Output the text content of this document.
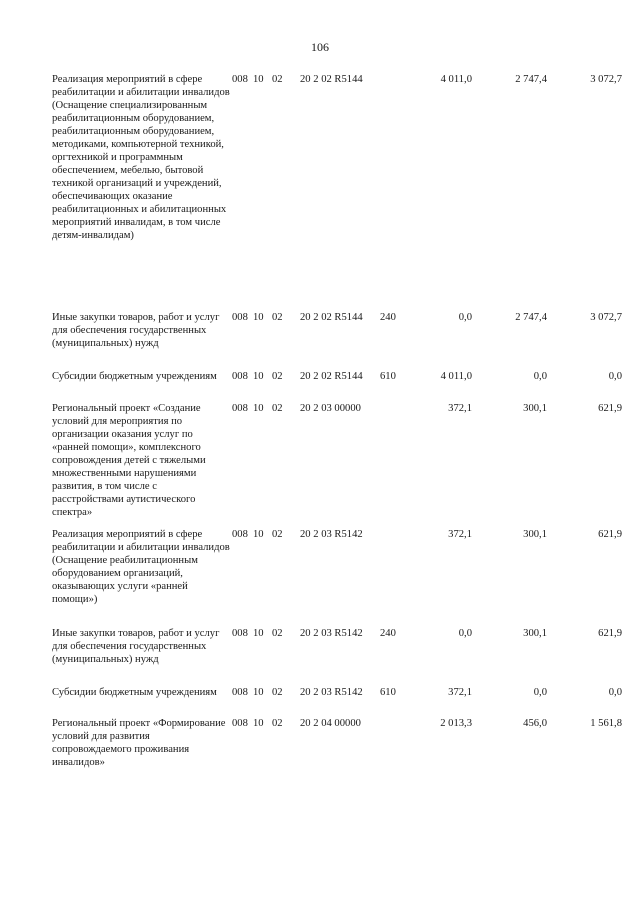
106
Реализация мероприятий в сфере реабилитации и абилитации инвалидов (Оснащение специализированным реабилитационным оборудованием, реабилитационным оборудованием, методиками, компьютерной техникой, оргтехникой и программным обеспечением, мебелью, бытовой техникой организаций и учреждений, обеспечивающих оказание реабилитационных и абилитационных мероприятий инвалидам, в том числе детям-инвалидам)
008 10 02 20 2 02 R5144	4 011,0	2 747,4	3 072,7
Иные закупки товаров, работ и услуг для обеспечения государственных (муниципальных) нужд
008 10 02 20 2 02 R5144 240	0,0	2 747,4	3 072,7
Субсидии бюджетным учреждениям	008 10 02 20 2 02 R5144 610	4 011,0	0,0	0,0
Региональный проект «Создание условий для мероприятия по организации оказания услуг по «ранней помощи», комплексного сопровождения детей с тяжелыми множественными нарушениями развития, в том числе с расстройствами аутистического спектра»
008 10 02 20 2 03 00000	372,1	300,1	621,9
Реализация мероприятий в сфере реабилитации и абилитации инвалидов (Оснащение реабилитационным оборудованием организаций, оказывающих услуги «ранней помощи»)
008 10 02 20 2 03 R5142	372,1	300,1	621,9
Иные закупки товаров, работ и услуг для обеспечения государственных (муниципальных) нужд
008 10 02 20 2 03 R5142 240	0,0	300,1	621,9
Субсидии бюджетным учреждениям	008 10 02 20 2 03 R5142 610	372,1	0,0	0,0
Региональный проект «Формирование условий для развития сопровождаемого проживания инвалидов»
008 10 02 20 2 04 00000	2 013,3	456,0	1 561,8
